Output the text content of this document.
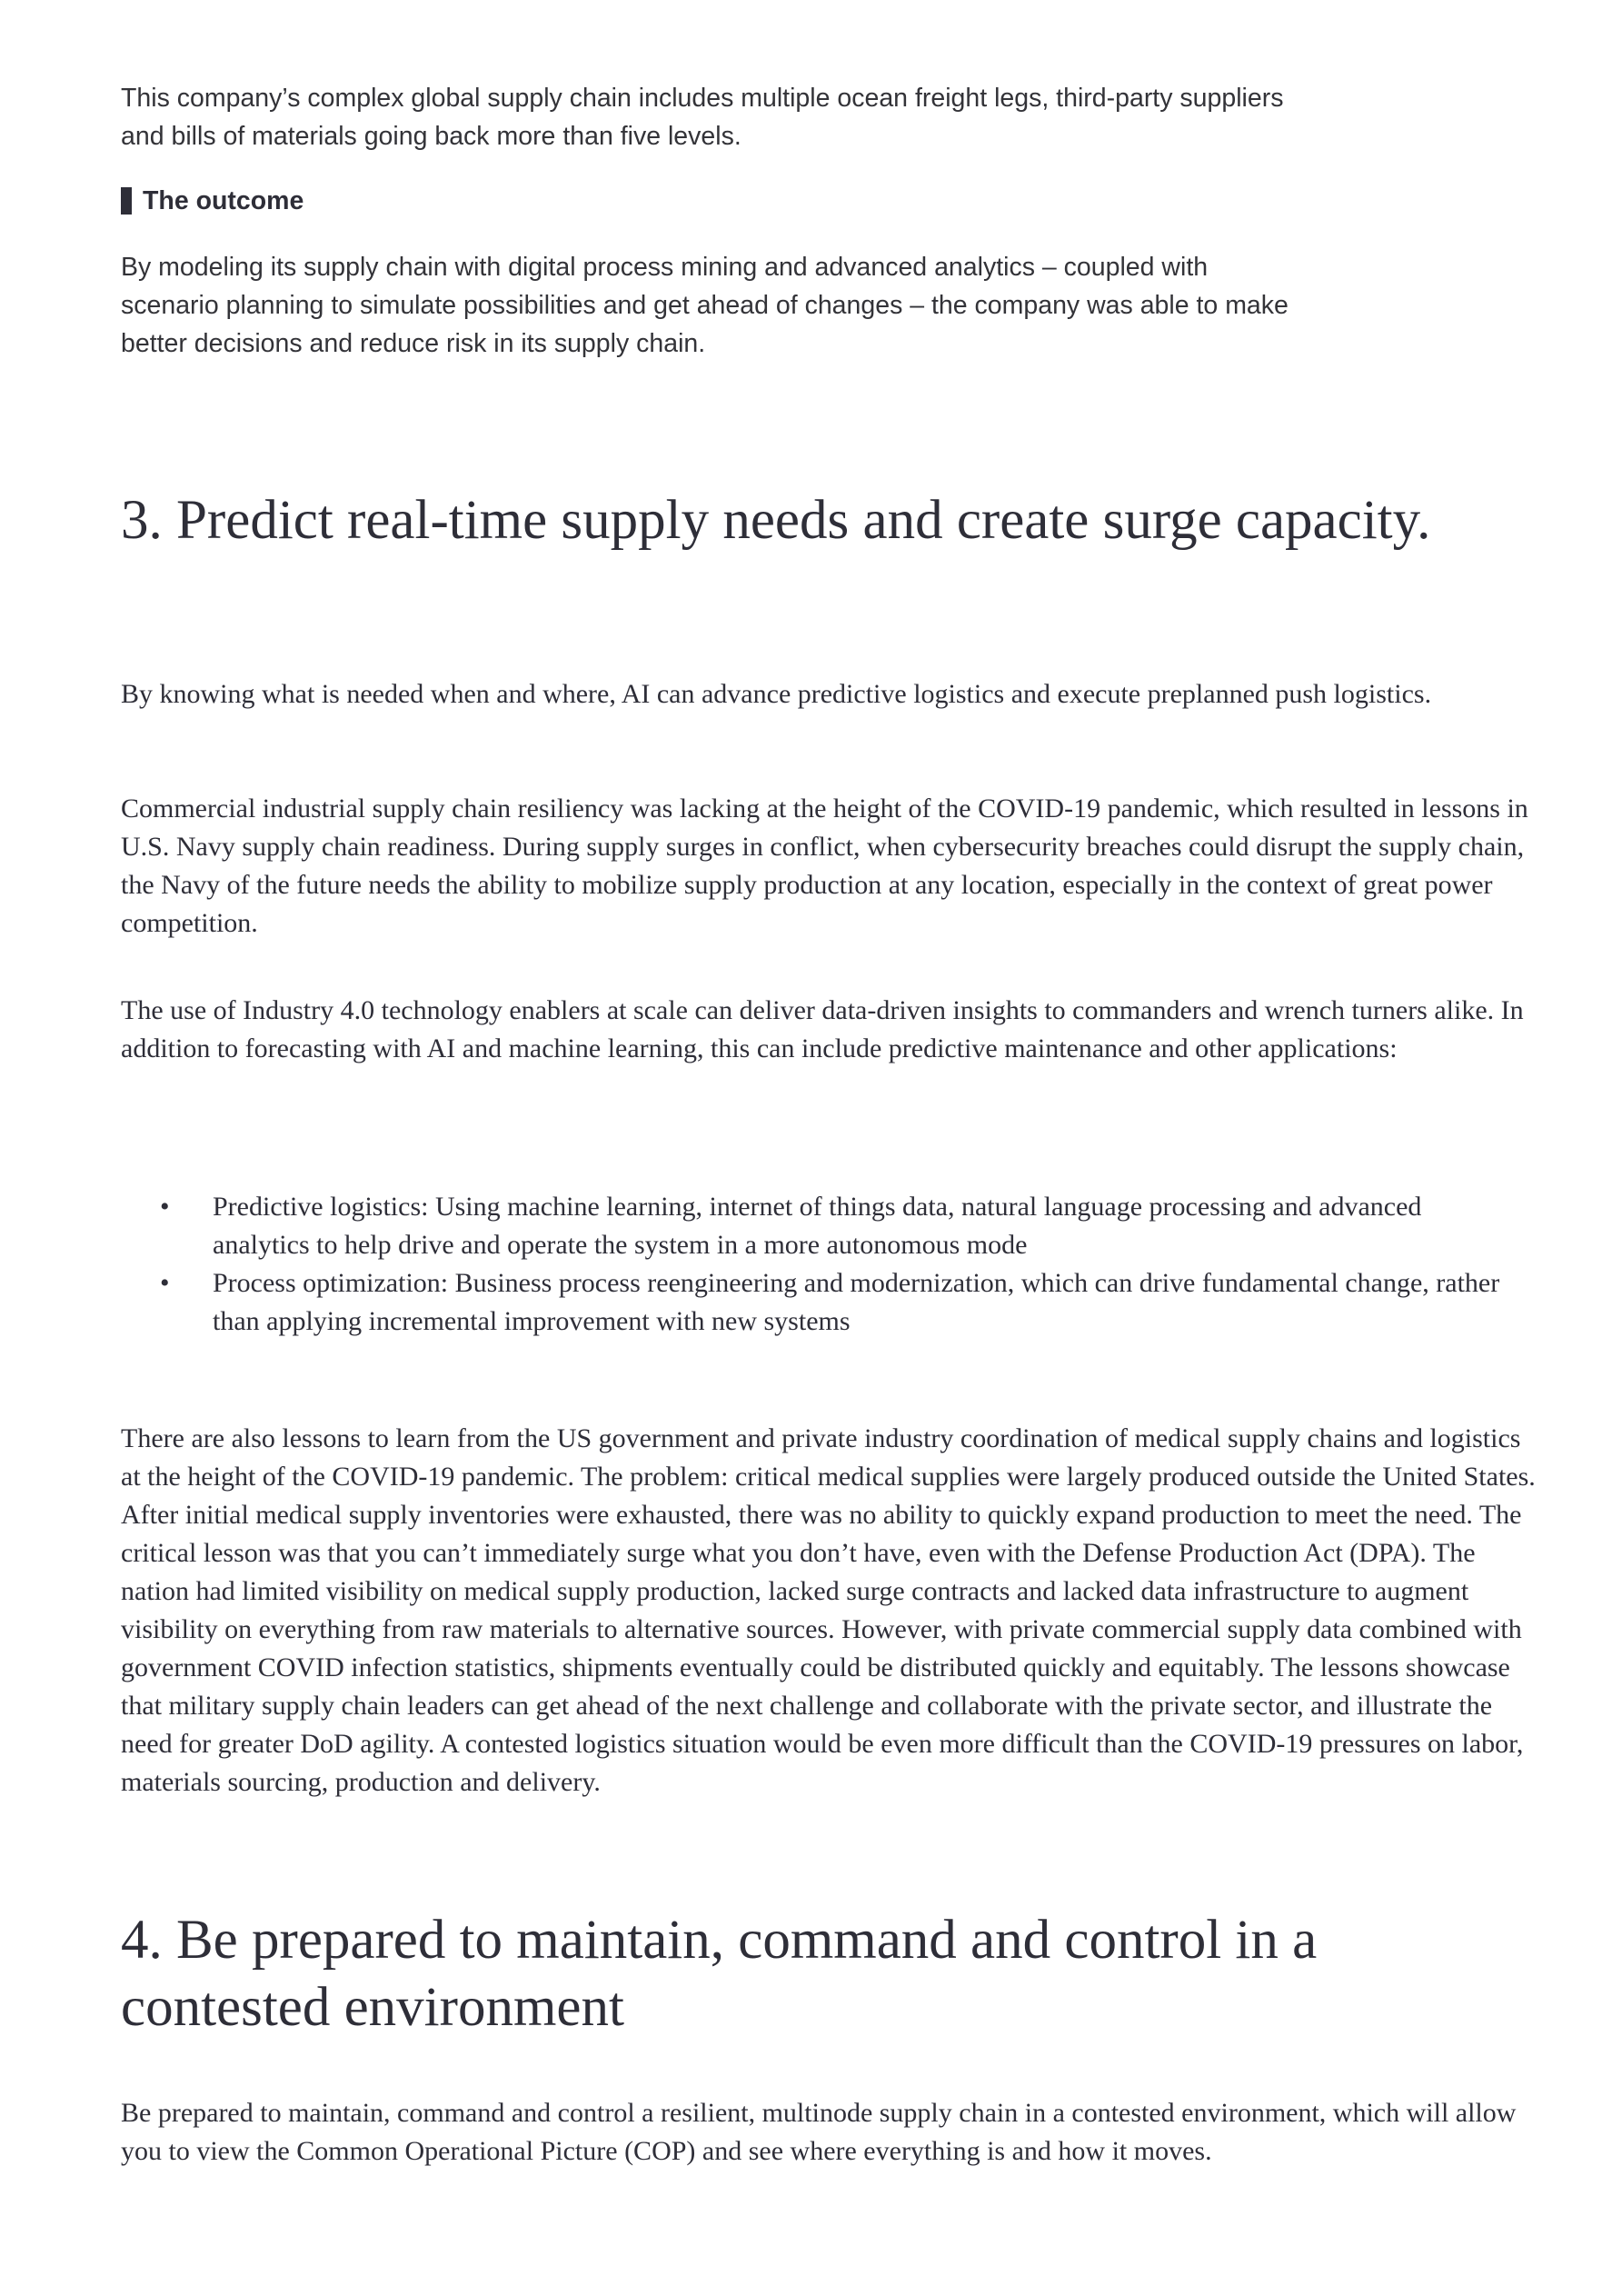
This company’s complex global supply chain includes multiple ocean freight legs, third-party suppliers and bills of materials going back more than five levels.

The outcome

By modeling its supply chain with digital process mining and advanced analytics – coupled with scenario planning to simulate possibilities and get ahead of changes – the company was able to make better decisions and reduce risk in its supply chain.

3. Predict real-time supply needs and create surge capacity.

By knowing what is needed when and where, AI can advance predictive logistics and execute preplanned push logistics.

Commercial industrial supply chain resiliency was lacking at the height of the COVID-19 pandemic, which resulted in lessons in U.S. Navy supply chain readiness. During supply surges in conflict, when cybersecurity breaches could disrupt the supply chain, the Navy of the future needs the ability to mobilize supply production at any location, especially in the context of great power competition.

The use of Industry 4.0 technology enablers at scale can deliver data-driven insights to commanders and wrench turners alike. In addition to forecasting with AI and machine learning, this can include predictive maintenance and other applications:

• Predictive logistics: Using machine learning, internet of things data, natural language processing and advanced analytics to help drive and operate the system in a more autonomous mode
• Process optimization: Business process reengineering and modernization, which can drive fundamental change, rather than applying incremental improvement with new systems

There are also lessons to learn from the US government and private industry coordination of medical supply chains and logistics at the height of the COVID-19 pandemic. The problem: critical medical supplies were largely produced outside the United States. After initial medical supply inventories were exhausted, there was no ability to quickly expand production to meet the need. The critical lesson was that you can’t immediately surge what you don’t have, even with the Defense Production Act (DPA). The nation had limited visibility on medical supply production, lacked surge contracts and lacked data infrastructure to augment visibility on everything from raw materials to alternative sources. However, with private commercial supply data combined with government COVID infection statistics, shipments eventually could be distributed quickly and equitably. The lessons showcase that military supply chain leaders can get ahead of the next challenge and collaborate with the private sector, and illustrate the need for greater DoD agility. A contested logistics situation would be even more difficult than the COVID-19 pressures on labor, materials sourcing, production and delivery.

4. Be prepared to maintain, command and control in a contested environment

Be prepared to maintain, command and control a resilient, multinode supply chain in a contested environment, which will allow you to view the Common Operational Picture (COP) and see where everything is and how it moves.
